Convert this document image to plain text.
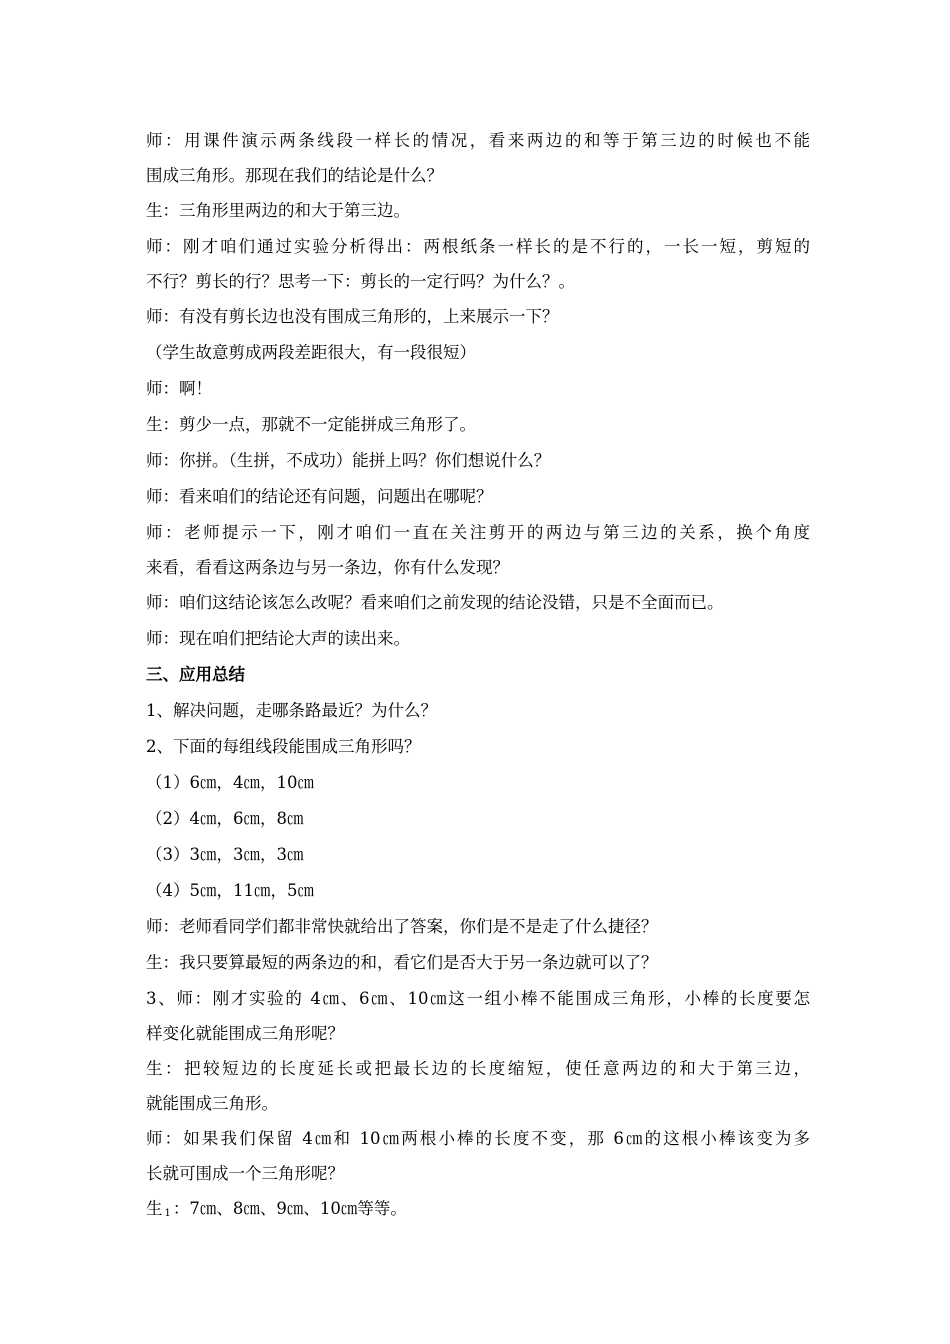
师：用课件演示两条线段一样长的情况，看来两边的和等于第三边的时候也不能
围成三角形。那现在我们的结论是什么？
生：三角形里两边的和大于第三边。
师：刚才咱们通过实验分析得出：两根纸条一样长的是不行的，一长一短，剪短的
不行？剪长的行？思考一下：剪长的一定行吗？为什么？。
师：有没有剪长边也没有围成三角形的，上来展示一下？
（学生故意剪成两段差距很大，有一段很短）
师：啊！
生：剪少一点，那就不一定能拼成三角形了。
师：你拼。（生拼，不成功）能拼上吗？你们想说什么？
师：看来咱们的结论还有问题，问题出在哪呢？
师：老师提示一下，刚才咱们一直在关注剪开的两边与第三边的关系，换个角度
来看，看看这两条边与另一条边，你有什么发现？
师：咱们这结论该怎么改呢？看来咱们之前发现的结论没错，只是不全面而已。
师：现在咱们把结论大声的读出来。
三、应用总结
1、解决问题，走哪条路最近？为什么？
2、下面的每组线段能围成三角形吗？
（1）6㎝，4㎝，10㎝
（2）4㎝，6㎝，8㎝
（3）3㎝，3㎝，3㎝
（4）5㎝，11㎝，5㎝
师：老师看同学们都非常快就给出了答案，你们是不是走了什么捷径？
生：我只要算最短的两条边的和，看它们是否大于另一条边就可以了？
3、师：刚才实验的 4㎝、6㎝、10㎝这一组小棒不能围成三角形，小棒的长度要怎
样变化就能围成三角形呢？
生：把较短边的长度延长或把最长边的长度缩短，使任意两边的和大于第三边，
就能围成三角形。
师：如果我们保留 4㎝和 10㎝两根小棒的长度不变，那 6㎝的这根小棒该变为多
长就可围成一个三角形呢？
生 $_1$ ：7㎝、8㎝、9㎝、10㎝等等。
